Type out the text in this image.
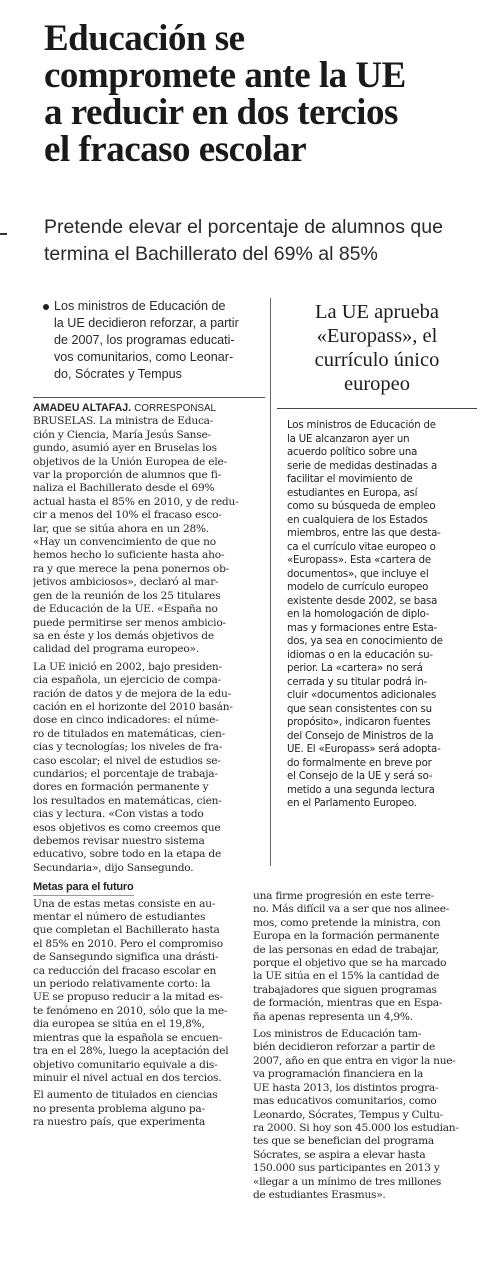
Educación se
compromete ante la UE
a reducir en dos tercios
el fracaso escolar
Pretende elevar el porcentaje de alumnos que
termina el Bachillerato del 69% al 85%
Los ministros de Educación de
la UE decidieron reforzar, a partir
de 2007, los programas educati-
vos comunitarios, como Leonar-
do, Sócrates y Tempus
AMADEU ALTAFAJ. CORRESPONSAL
BRUSELAS. La ministra de Educa-
ción y Ciencia, María Jesús Sanse-
gundo, asumió ayer en Bruselas los
objetivos de la Unión Europea de ele-
var la proporción de alumnos que fi-
naliza el Bachillerato desde el 69%
actual hasta el 85% en 2010, y de redu-
cir a menos del 10% el fracaso esco-
lar, que se sitúa ahora en un 28%.
«Hay un convencimiento de que no
hemos hecho lo suficiente hasta aho-
ra y que merece la pena ponernos ob-
jetivos ambiciosos», declaró al mar-
gen de la reunión de los 25 titulares
de Educación de la UE. «España no
puede permitirse ser menos ambicio-
sa en éste y los demás objetivos de
calidad del programa europeo».
La UE inició en 2002, bajo presiden-
cia española, un ejercicio de compa-
ración de datos y de mejora de la edu-
cación en el horizonte del 2010 basán-
dose en cinco indicadores: el núme-
ro de titulados en matemáticas, cien-
cias y tecnologías; los niveles de fra-
caso escolar; el nivel de estudios se-
cundarios; el porcentaje de trabaja-
dores en formación permanente y
los resultados en matemáticas, cien-
cias y lectura. «Con vistas a todo
esos objetivos es como creemos que
debemos revisar nuestro sistema
educativo, sobre todo en la etapa de
Secundaria», dijo Sansegundo.
Metas para el futuro
Una de estas metas consiste en au-
mentar el número de estudiantes
que completan el Bachillerato hasta
el 85% en 2010. Pero el compromiso
de Sansegundo significa una drásti-
ca reducción del fracaso escolar en
un periodo relativamente corto: la
UE se propuso reducir a la mitad es-
te fenómeno en 2010, sólo que la me-
dia europea se sitúa en el 19,8%,
mientras que la española se encuen-
tra en el 28%, luego la aceptación del
objetivo comunitario equivale a dis-
minuir el nivel actual en dos tercios.
El aumento de titulados en ciencias
no presenta problema alguno pa-
ra nuestro país, que experimenta
La UE aprueba
«Europass», el
currículo único
europeo
Los ministros de Educación de
la UE alcanzaron ayer un
acuerdo político sobre una
serie de medidas destinadas a
facilitar el movimiento de
estudiantes en Europa, así
como su búsqueda de empleo
en cualquiera de los Estados
miembros, entre las que desta-
ca el currículo vitae europeo o
«Europass». Esta «cartera de
documentos», que incluye el
modelo de currículo europeo
existente desde 2002, se basa
en la homologación de diplo-
mas y formaciones entre Esta-
dos, ya sea en conocimiento de
idiomas o en la educación su-
perior. La «cartera» no será
cerrada y su titular podrá in-
cluir «documentos adicionales
que sean consistentes con su
propósito», indicaron fuentes
del Consejo de Ministros de la
UE. El «Europass» será adopta-
do formalmente en breve por
el Consejo de la UE y será so-
metido a una segunda lectura
en el Parlamento Europeo.
una firme progresión en este terre-
no. Más difícil va a ser que nos alinee-
mos, como pretende la ministra, con
Europa en la formación permanente
de las personas en edad de trabajar,
porque el objetivo que se ha marcado
la UE sitúa en el 15% la cantidad de
trabajadores que siguen programas
de formación, mientras que en Espa-
ña apenas representa un 4,9%.
Los ministros de Educación tam-
bién decidieron reforzar a partir de
2007, año en que entra en vigor la nue-
va programación financiera en la
UE hasta 2013, los distintos progra-
mas educativos comunitarios, como
Leonardo, Sócrates, Tempus y Cultu-
ra 2000. Si hoy son 45.000 los estudian-
tes que se benefician del programa
Sócrates, se aspira a elevar hasta
150.000 sus participantes en 2013 y
«llegar a un mínimo de tres millones
de estudiantes Erasmus».
